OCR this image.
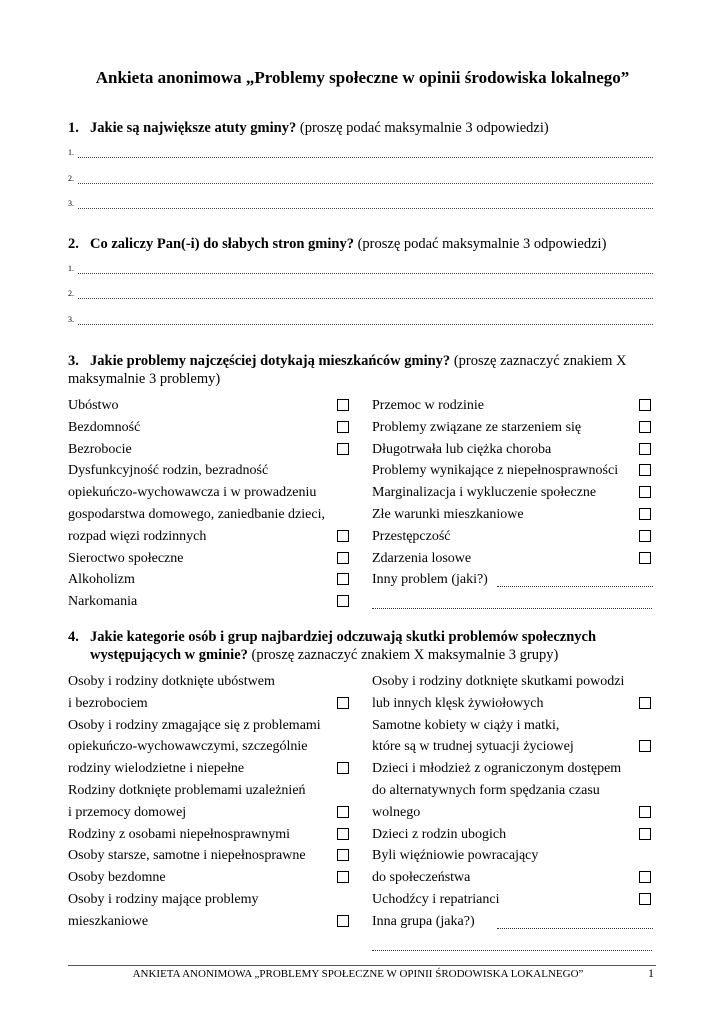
Ankieta anonimowa „Problemy społeczne w opinii środowiska lokalnego”
1. Jakie są największe atuty gminy? (proszę podać maksymalnie 3 odpowiedzi)
1.
2.
3.
2. Co zaliczy Pan(-i) do słabych stron gminy? (proszę podać maksymalnie 3 odpowiedzi)
1.
2.
3.
3. Jakie problemy najczęściej dotykają mieszkańców gminy? (proszę zaznaczyć znakiem X
maksymalnie 3 problemy)
Ubóstwo
Bezdomność
Bezrobocie
Dysfunkcyjność rodzin, bezradność
opiekuńczo-wychowawcza i w prowadzeniu
gospodarstwa domowego, zaniedbanie dzieci,
rozpad więzi rodzinnych
Sieroctwo społeczne
Alkoholizm
Narkomania
Przemoc w rodzinie
Problemy związane ze starzeniem się
Długotrwała lub ciężka choroba
Problemy wynikające z niepełnosprawności
Marginalizacja i wykluczenie społeczne
Złe warunki mieszkaniowe
Przestępczość
Zdarzenia losowe
Inny problem (jaki?)
4. Jakie kategorie osób i grup najbardziej odczuwają skutki problemów społecznych
występujących w gminie? (proszę zaznaczyć znakiem X maksymalnie 3 grupy)
Osoby i rodziny dotknięte ubóstwem
i bezrobociem
Osoby i rodziny zmagające się z problemami
opiekuńczo-wychowawczymi, szczególnie
rodziny wielodzietne i niepełne
Rodziny dotknięte problemami uzależnień
i przemocy domowej
Rodziny z osobami niepełnosprawnymi
Osoby starsze, samotne i niepełnosprawne
Osoby bezdomne
Osoby i rodziny mające problemy
mieszkaniowe
Osoby i rodziny dotknięte skutkami powodzi
lub innych klęsk żywiołowych
Samotne kobiety w ciąży i matki,
które są w trudnej sytuacji życiowej
Dzieci i młodzież z ograniczonym dostępem
do alternatywnych form spędzania czasu
wolnego
Dzieci z rodzin ubogich
Byli więźniowie powracający
do społeczeństwa
Uchodźcy i repatrianci
Inna grupa (jaka?)
ANKIETA ANONIMOWA „PROBLEMY SPOŁECZNE W OPINII ŚRODOWISKA LOKALNEGO”	1
